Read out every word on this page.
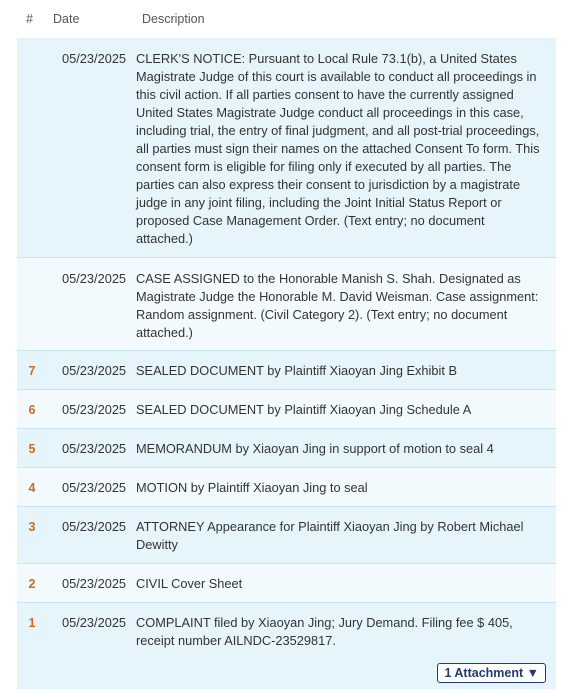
# Date	Description
05/23/2025 CLERK'S NOTICE: Pursuant to Local Rule 73.1(b), a United States Magistrate Judge of this court is available to conduct all proceedings in this civil action. If all parties consent to have the currently assigned United States Magistrate Judge conduct all proceedings in this case, including trial, the entry of final judgment, and all post-trial proceedings, all parties must sign their names on the attached Consent To form. This consent form is eligible for filing only if executed by all parties. The parties can also express their consent to jurisdiction by a magistrate judge in any joint filing, including the Joint Initial Status Report or proposed Case Management Order. (Text entry; no document attached.)
05/23/2025 CASE ASSIGNED to the Honorable Manish S. Shah. Designated as Magistrate Judge the Honorable M. David Weisman. Case assignment: Random assignment. (Civil Category 2). (Text entry; no document attached.)
7	05/23/2025 SEALED DOCUMENT by Plaintiff Xiaoyan Jing Exhibit B
6	05/23/2025 SEALED DOCUMENT by Plaintiff Xiaoyan Jing Schedule A
5	05/23/2025 MEMORANDUM by Xiaoyan Jing in support of motion to seal 4
4	05/23/2025 MOTION by Plaintiff Xiaoyan Jing to seal
3	05/23/2025 ATTORNEY Appearance for Plaintiff Xiaoyan Jing by Robert Michael Dewitty
2	05/23/2025 CIVIL Cover Sheet
1	05/23/2025 COMPLAINT filed by Xiaoyan Jing; Jury Demand. Filing fee $ 405, receipt number AILNDC-23529817.
1 Attachment ▼
